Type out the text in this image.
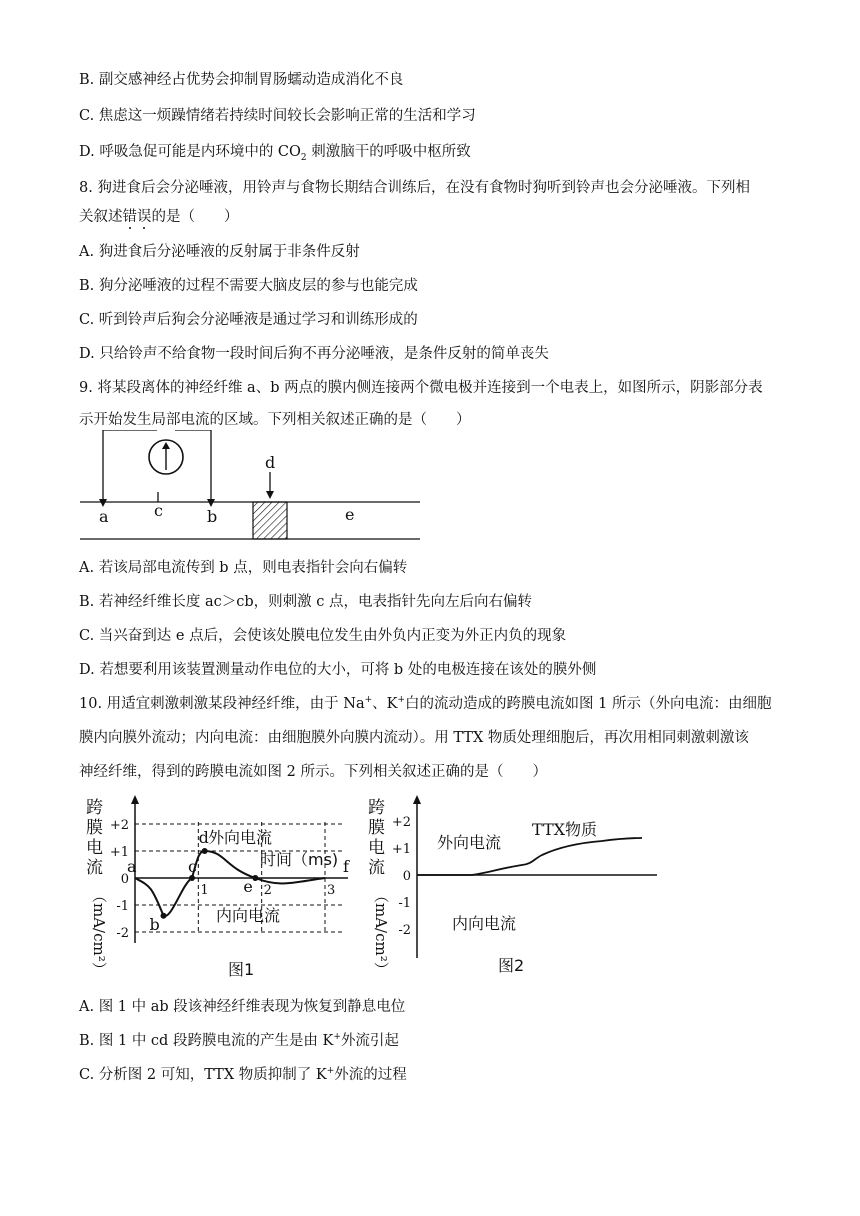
B. 副交感神经占优势会抑制胃肠蠕动造成消化不良
C. 焦虑这一烦躁情绪若持续时间较长会影响正常的生活和学习
D. 呼吸急促可能是内环境中的 $CO_2$ 刺激脑干的呼吸中枢所致
8. 狗进食后会分泌唾液，用铃声与食物长期结合训练后，在没有食物时狗听到铃声也会分泌唾液。下列相
关叙述错误的是（　　）
A. 狗进食后分泌唾液的反射属于非条件反射
B. 狗分泌唾液的过程不需要大脑皮层的参与也能完成
C. 听到铃声后狗会分泌唾液是通过学习和训练形成的
D. 只给铃声不给食物一段时间后狗不再分泌唾液，是条件反射的简单丧失
9. 将某段离体的神经纤维 a、b 两点的膜内侧连接两个微电极并连接到一个电表上，如图所示，阴影部分表
示开始发生局部电流的区域。下列相关叙述正确的是（　　）
d
a	c	b	e
A. 若该局部电流传到 b 点，则电表指针会向右偏转
B. 若神经纤维长度 ac＞cb，则刺激 c 点，电表指针先向左后向右偏转
C. 当兴奋到达 e 点后，会使该处膜电位发生由外负内正变为外正内负的现象
D. 若想要利用该装置测量动作电位的大小，可将 b 处的电极连接在该处的膜外侧
10. 用适宜刺激刺激某段神经纤维，由于 Na+、K+白的流动造成的跨膜电流如图 1 所示（外向电流：由细胞
膜内向膜外流动；内向电流：由细胞膜外向膜内流动）。用 TTX 物质处理细胞后，再次用相同刺激刺激该
神经纤维，得到的跨膜电流如图 2 所示。下列相关叙述正确的是（　　）
跨
膜
电
流
（mA/cm²）
+2
+1
0
-1
-2
1	2	3
a
b
c
d
e
f
外向电流
时间（ms)
内向电流
图1
跨
膜
电
流
（mA/cm²）
+2
+1
0
-1
-2
外向电流
TTX物质
内向电流
图2
A. 图 1 中 ab 段该神经纤维表现为恢复到静息电位
B. 图 1 中 cd 段跨膜电流的产生是由 K+外流引起
C. 分析图 2 可知，TTX 物质抑制了 K+外流的过程
